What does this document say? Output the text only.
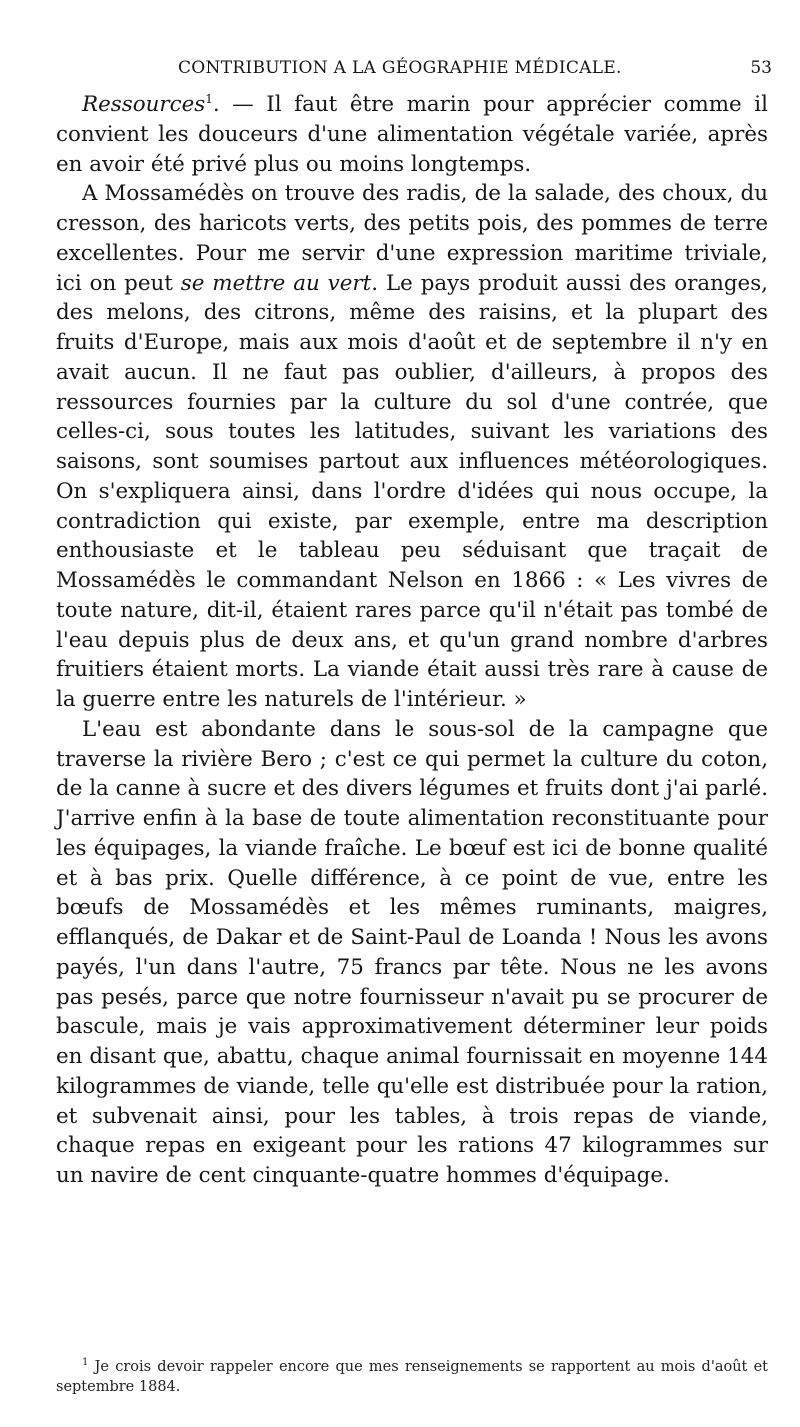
CONTRIBUTION A LA GÉOGRAPHIE MÉDICALE.	53

Ressources$^1$. — Il faut être marin pour apprécier comme il convient les douceurs d'une alimentation végétale variée, après en avoir été privé plus ou moins longtemps.

A Mossamédès on trouve des radis, de la salade, des choux, du cresson, des haricots verts, des petits pois, des pommes de terre excellentes. Pour me servir d'une expression maritime triviale, ici on peut se mettre au vert. Le pays produit aussi des oranges, des melons, des citrons, même des raisins, et la plupart des fruits d'Europe, mais aux mois d'août et de septembre il n'y en avait aucun. Il ne faut pas oublier, d'ailleurs, à propos des ressources fournies par la culture du sol d'une contrée, que celles-ci, sous toutes les latitudes, suivant les variations des saisons, sont soumises partout aux influences météorologiques. On s'expliquera ainsi, dans l'ordre d'idées qui nous occupe, la contradiction qui existe, par exemple, entre ma description enthousiaste et le tableau peu séduisant que traçait de Mossamédès le commandant Nelson en 1866 : « Les vivres de toute nature, dit-il, étaient rares parce qu'il n'était pas tombé de l'eau depuis plus de deux ans, et qu'un grand nombre d'arbres fruitiers étaient morts. La viande était aussi très rare à cause de la guerre entre les naturels de l'intérieur. »

L'eau est abondante dans le sous-sol de la campagne que traverse la rivière Bero ; c'est ce qui permet la culture du coton, de la canne à sucre et des divers légumes et fruits dont j'ai parlé. J'arrive enfin à la base de toute alimentation reconstituante pour les équipages, la viande fraîche. Le bœuf est ici de bonne qualité et à bas prix. Quelle différence, à ce point de vue, entre les bœufs de Mossamédès et les mêmes ruminants, maigres, efflanqués, de Dakar et de Saint-Paul de Loanda ! Nous les avons payés, l'un dans l'autre, 75 francs par tête. Nous ne les avons pas pesés, parce que notre fournisseur n'avait pu se procurer de bascule, mais je vais approximativement déterminer leur poids en disant que, abattu, chaque animal fournissait en moyenne 144 kilogrammes de viande, telle qu'elle est distribuée pour la ration, et subvenait ainsi, pour les tables, à trois repas de viande, chaque repas en exigeant pour les rations 47 kilogrammes sur un navire de cent cinquante-quatre hommes d'équipage.

$^1$ Je crois devoir rappeler encore que mes renseignements se rapportent au mois d'août et septembre 1884.
